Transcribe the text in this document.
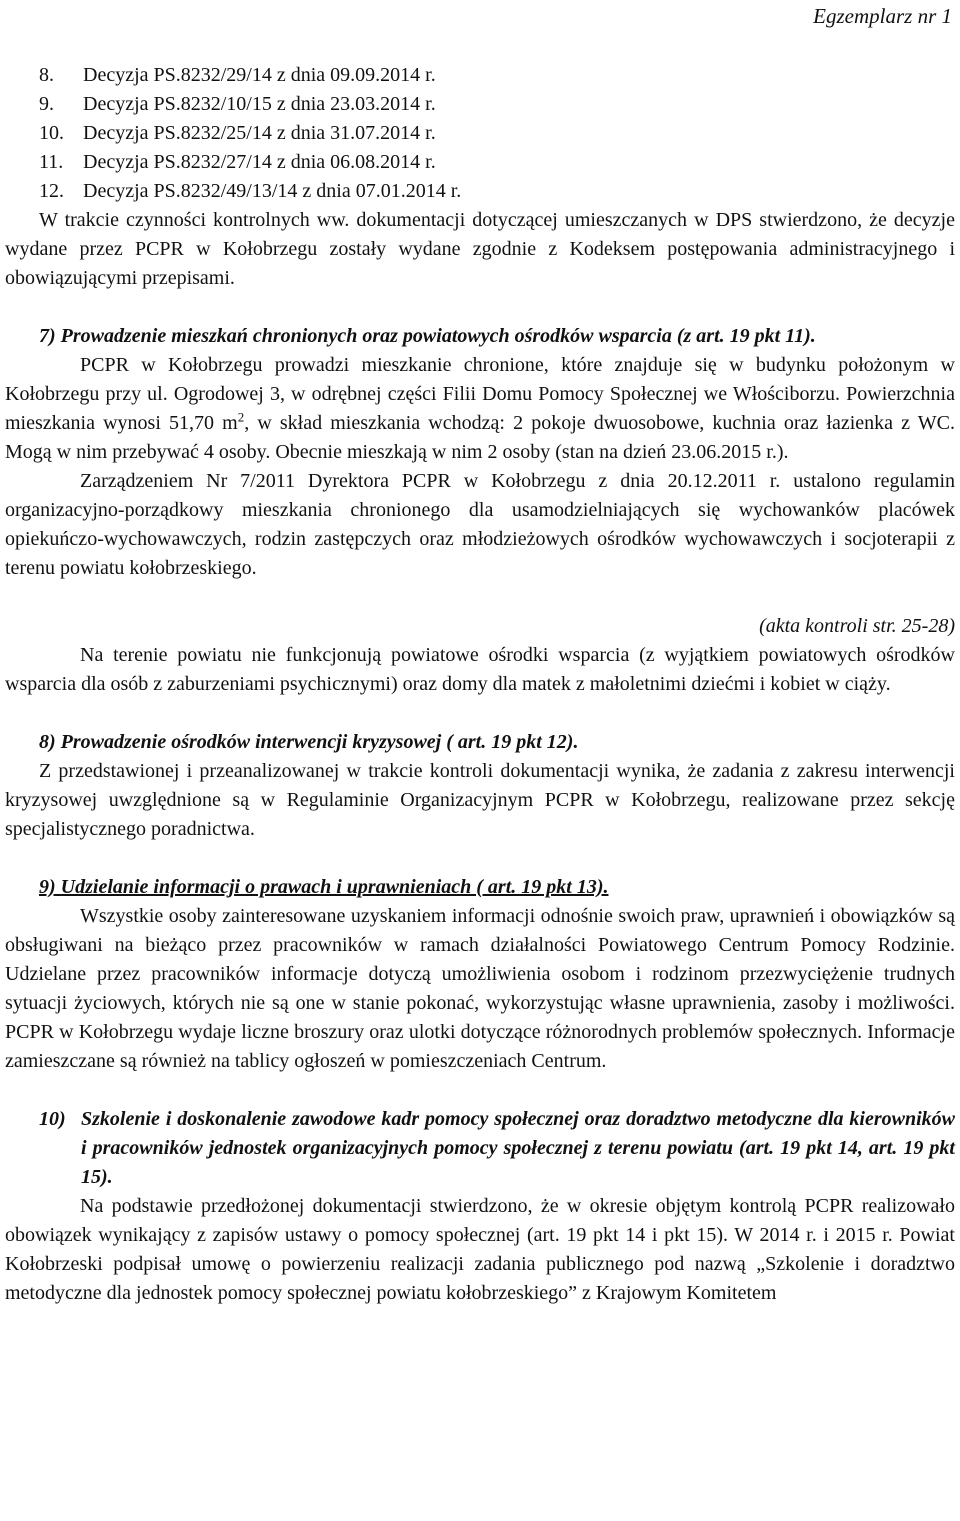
Egzemplarz nr 1
8.	Decyzja PS.8232/29/14 z dnia 09.09.2014 r.
9.	Decyzja PS.8232/10/15 z dnia 23.03.2014 r.
10. Decyzja PS.8232/25/14 z dnia 31.07.2014 r.
11. Decyzja PS.8232/27/14 z dnia 06.08.2014 r.
12. Decyzja PS.8232/49/13/14 z dnia 07.01.2014 r.

W trakcie czynności kontrolnych ww. dokumentacji dotyczącej umieszczanych w DPS stwierdzono, że decyzje wydane przez PCPR w Kołobrzegu zostały wydane zgodnie z Kodeksem postępowania administracyjnego i obowiązującymi przepisami.

7) Prowadzenie mieszkań chronionych oraz powiatowych ośrodków wsparcia (z art. 19 pkt 11).

PCPR w Kołobrzegu prowadzi mieszkanie chronione, które znajduje się w budynku położonym w Kołobrzegu przy ul. Ogrodowej 3, w odrębnej części Filii Domu Pomocy Społecznej we Włościborzu. Powierzchnia mieszkania wynosi 51,70 $m^2$, w skład mieszkania wchodzą: 2 pokoje dwuosobowe, kuchnia oraz łazienka z WC. Mogą w nim przebywać 4 osoby. Obecnie mieszkają w nim 2 osoby (stan na dzień 23.06.2015 r.).

Zarządzeniem Nr 7/2011 Dyrektora PCPR w Kołobrzegu z dnia 20.12.2011 r. ustalono regulamin organizacyjno-porządkowy mieszkania chronionego dla usamodzielniających się wychowanków placówek opiekuńczo-wychowawczych, rodzin zastępczych oraz młodzieżowych ośrodków wychowawczych i socjoterapii z terenu powiatu kołobrzeskiego.

(akta kontroli str. 25-28)

Na terenie powiatu nie funkcjonują powiatowe ośrodki wsparcia (z wyjątkiem powiatowych ośrodków wsparcia dla osób z zaburzeniami psychicznymi) oraz domy dla matek z małoletnimi dziećmi i kobiet w ciąży.

8) Prowadzenie ośrodków interwencji kryzysowej ( art. 19 pkt 12).

Z przedstawionej i przeanalizowanej w trakcie kontroli dokumentacji wynika, że zadania z zakresu interwencji kryzysowej uwzględnione są w Regulaminie Organizacyjnym PCPR w Kołobrzegu, realizowane przez sekcję specjalistycznego poradnictwa.

9) Udzielanie informacji o prawach i uprawnieniach ( art. 19 pkt 13).

Wszystkie osoby zainteresowane uzyskaniem informacji odnośnie swoich praw, uprawnień i obowiązków są obsługiwani na bieżąco przez pracowników w ramach działalności Powiatowego Centrum Pomocy Rodzinie. Udzielane przez pracowników informacje dotyczą umożliwienia osobom i rodzinom przezwyciężenie trudnych sytuacji życiowych, których nie są one w stanie pokonać, wykorzystując własne uprawnienia, zasoby i możliwości. PCPR w Kołobrzegu wydaje liczne broszury oraz ulotki dotyczące różnorodnych problemów społecznych. Informacje zamieszczane są również na tablicy ogłoszeń w pomieszczeniach Centrum.

10) Szkolenie i doskonalenie zawodowe kadr pomocy społecznej oraz doradztwo metodyczne dla kierowników i pracowników jednostek organizacyjnych pomocy społecznej z terenu powiatu (art. 19 pkt 14, art. 19 pkt 15).

Na podstawie przedłożonej dokumentacji stwierdzono, że w okresie objętym kontrolą PCPR realizowało obowiązek wynikający z zapisów ustawy o pomocy społecznej (art. 19 pkt 14 i pkt 15). W 2014 r. i 2015 r. Powiat Kołobrzeski podpisał umowę o powierzeniu realizacji zadania publicznego pod nazwą „Szkolenie i doradztwo metodyczne dla jednostek pomocy społecznej powiatu kołobrzeskiego” z Krajowym Komitetem
